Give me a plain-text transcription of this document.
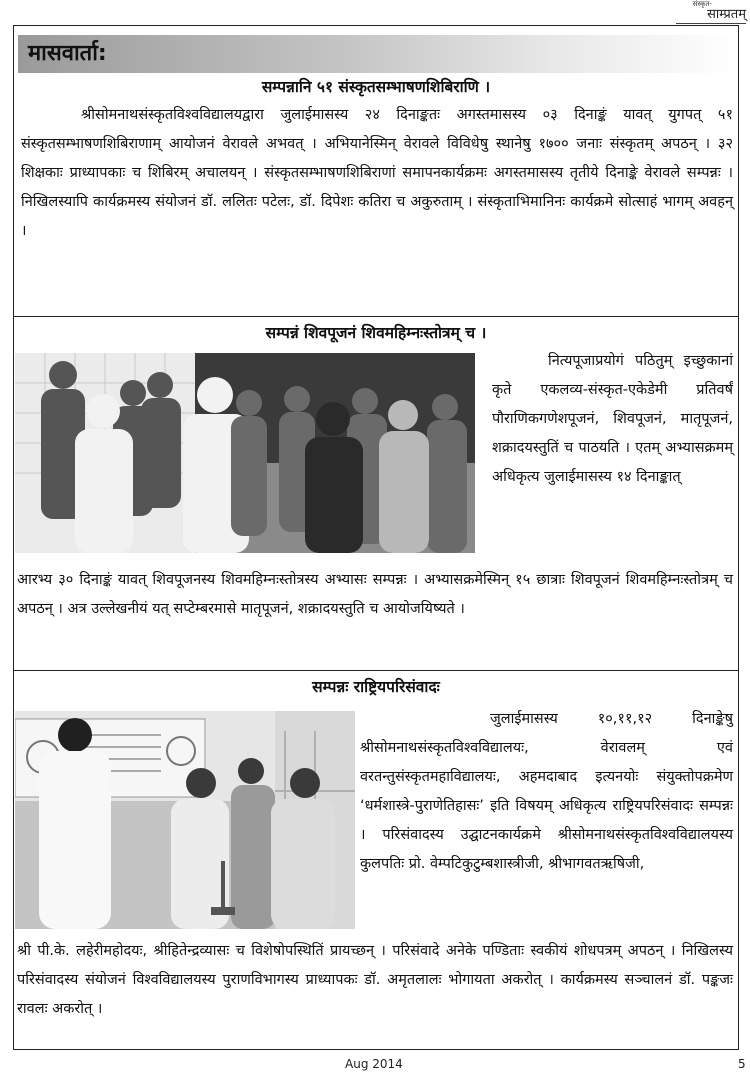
संस्कृत-
साम्प्रतम्
मासवार्ता:
सम्पन्नानि ५१ संस्कृतसम्भाषणशिबिराणि ।

श्रीसोमनाथसंस्कृतविश्वविद्यालयद्वारा जुलाईमासस्य २४ दिनाङ्कतः अगस्तमासस्य ०३ दिनाङ्कं यावत् युगपत् ५१ संस्कृतसम्भाषणशिबिराणाम् आयोजनं वेरावले अभवत् । अभियानेस्मिन् वेरावले विविधेषु स्थानेषु १७०० जनाः संस्कृतम् अपठन् । ३२ शिक्षकाः प्राध्यापकाः च शिबिरम् अचालयन् । संस्कृतसम्भाषणशिबिराणां समापनकार्यक्रमः अगस्तमासस्य तृतीये दिनाङ्के वेरावले सम्पन्नः । निखिलस्यापि कार्यक्रमस्य संयोजनं डॉ. ललितः पटेलः, डॉ. दिपेशः कतिरा च अकुरुताम् । संस्कृताभिमानिनः कार्यक्रमे सोत्साहं भागम् अवहन् ।

सम्पन्नं शिवपूजनं शिवमहिम्नःस्तोत्रम् च ।

नित्यपूजाप्रयोगं पठितुम् इच्छुकानां कृते एकलव्य-संस्कृत-एकेडेमी प्रतिवर्षं पौराणिकगणेशपूजनं, शिवपूजनं, मातृपूजनं, शक्रादयस्तुतिं च पाठयति । एतम् अभ्यासक्रमम् अधिकृत्य जुलाईमासस्य १४ दिनाङ्कात्

आरभ्य ३० दिनाङ्कं यावत् शिवपूजनस्य शिवमहिम्नःस्तोत्रस्य अभ्यासः सम्पन्नः । अभ्यासक्रमेस्मिन् १५ छात्राः शिवपूजनं शिवमहिम्नःस्तोत्रम् च अपठन् । अत्र उल्लेखनीयं यत् सप्टेम्बरमासे मातृपूजनं, शक्रादयस्तुति च आयोजयिष्यते ।

सम्पन्नः राष्ट्रियपरिसंवादः

जुलाईमासस्य १०,११,१२ दिनाङ्केषु श्रीसोमनाथसंस्कृतविश्वविद्यालयः, वेरावलम् एवं वरतन्तुसंस्कृतमहाविद्यालयः, अहमदाबाद इत्यनयोः संयुक्तोपक्रमेण ‘धर्मशास्त्रे-पुराणेतिहासः’ इति विषयम् अधिकृत्य राष्ट्रियपरिसंवादः सम्पन्नः । परिसंवादस्य उद्घाटनकार्यक्रमे श्रीसोमनाथसंस्कृतविश्वविद्यालयस्य कुलपतिः प्रो. वेम्पटिकुटुम्बशास्त्रीजी, श्रीभागवतऋषिजी,

श्री पी.के. लहेरीमहोदयः, श्रीहितेन्द्रव्यासः च विशेषोपस्थितिं प्रायच्छन् । परिसंवादे अनेके पण्डिताः स्वकीयं शोधपत्रम् अपठन् । निखिलस्य परिसंवादस्य संयोजनं विश्वविद्यालयस्य पुराणविभागस्य प्राध्यापकः डॉ. अमृतलालः भोगायता अकरोत् । कार्यक्रमस्य सञ्चालनं डॉ. पङ्कजः रावलः अकरोत् ।

Aug 2014	5
